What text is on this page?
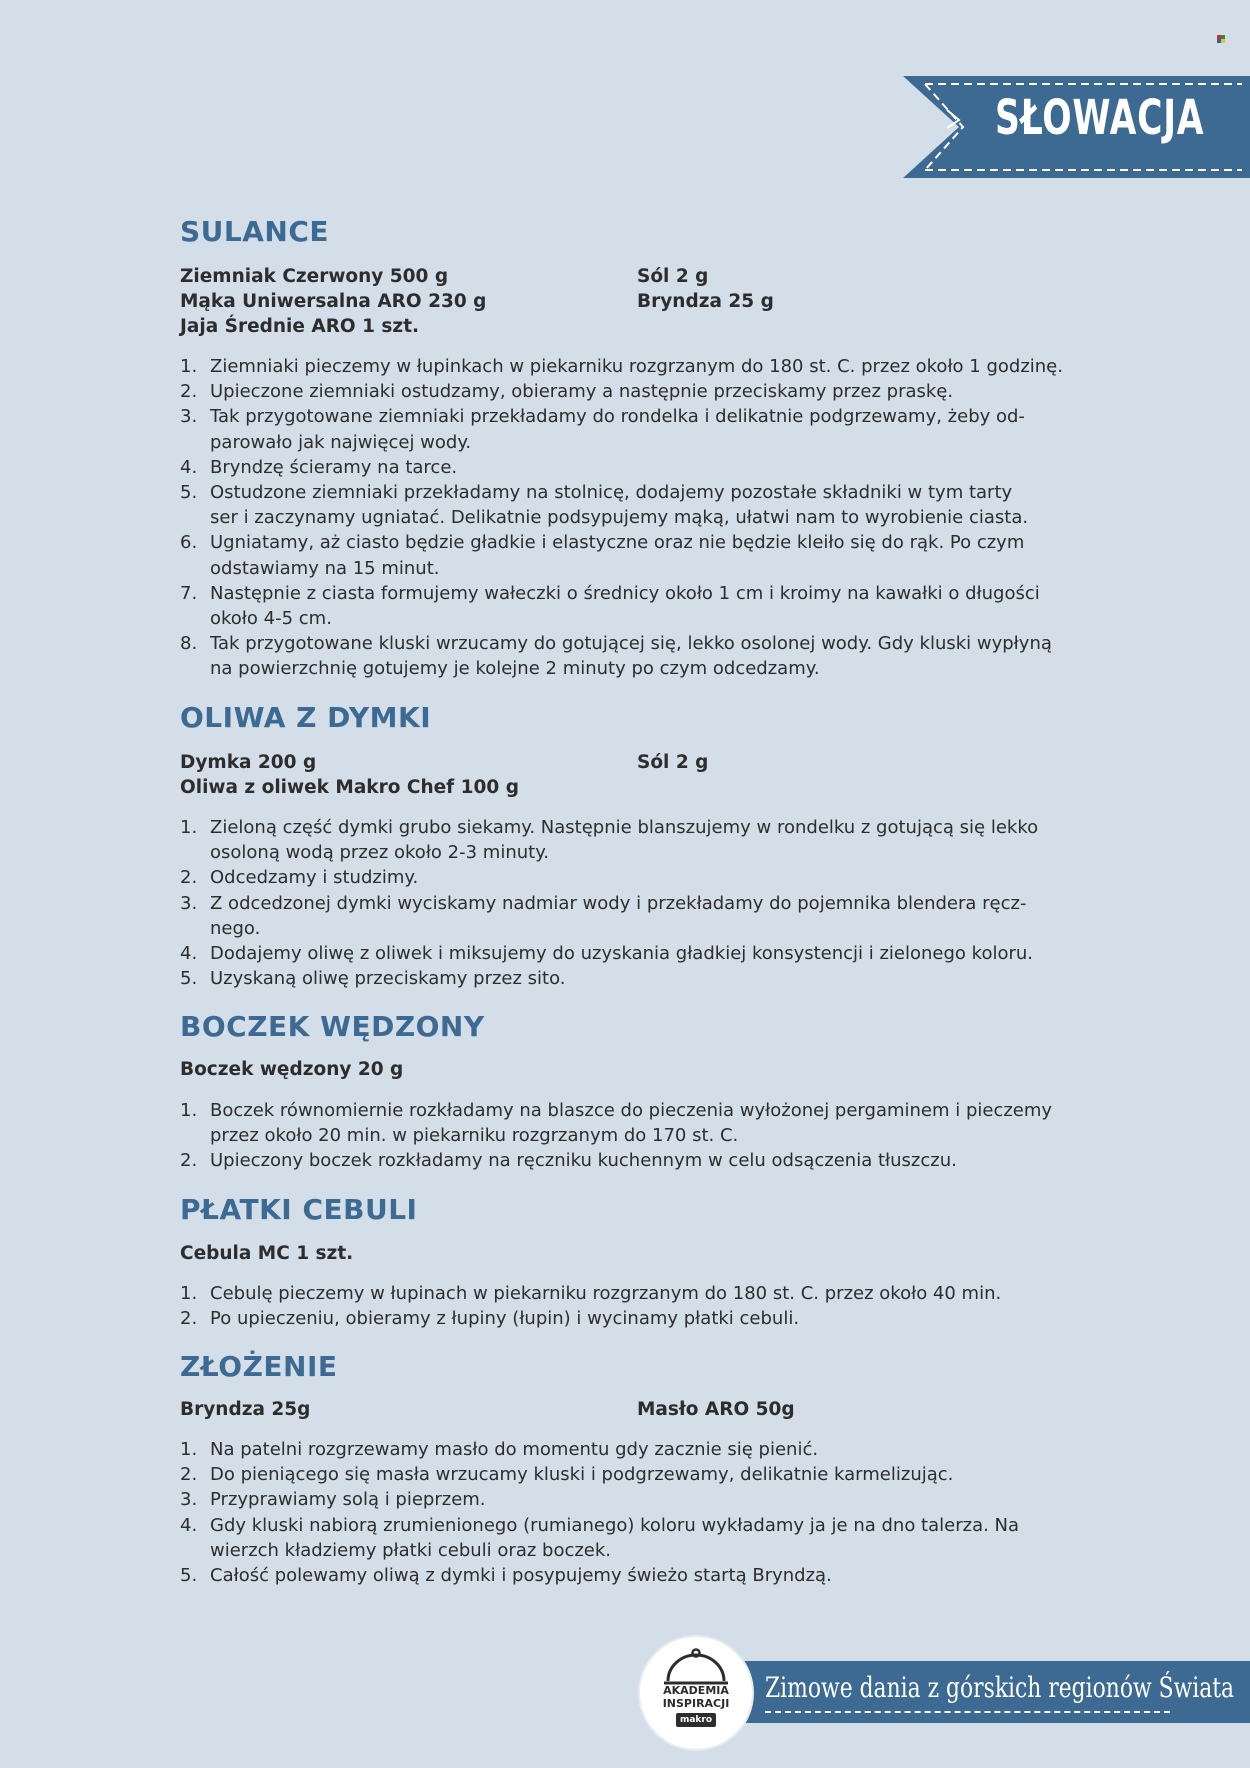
SŁOWACJA
SULANCE
Ziemniak Czerwony 500 g
Mąka Uniwersalna ARO 230 g
Jaja Średnie ARO 1 szt.
Sól 2 g
Bryndza 25 g
1. Ziemniaki pieczemy w łupinkach w piekarniku rozgrzanym do 180 st. C. przez około 1 godzinę.
2. Upieczone ziemniaki ostudzamy, obieramy a następnie przeciskamy przez praskę.
3. Tak przygotowane ziemniaki przekładamy do rondelka i delikatnie podgrzewamy, żeby od-
parowało jak najwięcej wody.
4. Bryndzę ścieramy na tarce.
5. Ostudzone ziemniaki przekładamy na stolnicę, dodajemy pozostałe składniki w tym tarty
ser i zaczynamy ugniatać. Delikatnie podsypujemy mąką, ułatwi nam to wyrobienie ciasta.
6. Ugniatamy, aż ciasto będzie gładkie i elastyczne oraz nie będzie kleiło się do rąk. Po czym
odstawiamy na 15 minut.
7. Następnie z ciasta formujemy wałeczki o średnicy około 1 cm i kroimy na kawałki o długości
około 4-5 cm.
8. Tak przygotowane kluski wrzucamy do gotującej się, lekko osolonej wody. Gdy kluski wypłyną
na powierzchnię gotujemy je kolejne 2 minuty po czym odcedzamy.
OLIWA Z DYMKI
Dymka 200 g
Oliwa z oliwek Makro Chef 100 g
Sól 2 g
1. Zieloną część dymki grubo siekamy. Następnie blanszujemy w rondelku z gotującą się lekko
osoloną wodą przez około 2-3 minuty.
2. Odcedzamy i studzimy.
3. Z odcedzonej dymki wyciskamy nadmiar wody i przekładamy do pojemnika blendera ręcz-
nego.
4. Dodajemy oliwę z oliwek i miksujemy do uzyskania gładkiej konsystencji i zielonego koloru.
5. Uzyskaną oliwę przeciskamy przez sito.
BOCZEK WĘDZONY
Boczek wędzony 20 g
1. Boczek równomiernie rozkładamy na blaszce do pieczenia wyłożonej pergaminem i pieczemy
przez około 20 min. w piekarniku rozgrzanym do 170 st. C.
2. Upieczony boczek rozkładamy na ręczniku kuchennym w celu odsączenia tłuszczu.
PŁATKI CEBULI
Cebula MC 1 szt.
1. Cebulę pieczemy w łupinach w piekarniku rozgrzanym do 180 st. C. przez około 40 min.
2. Po upieczeniu, obieramy z łupiny (łupin) i wycinamy płatki cebuli.
ZŁOŻENIE
Bryndza 25g	Masło ARO 50g
1. Na patelni rozgrzewamy masło do momentu gdy zacznie się pienić.
2. Do pieniącego się masła wrzucamy kluski i podgrzewamy, delikatnie karmelizując.
3. Przyprawiamy solą i pieprzem.
4. Gdy kluski nabiorą zrumienionego (rumianego) koloru wykładamy ja je na dno talerza. Na
wierzch kładziemy płatki cebuli oraz boczek.
5. Całość polewamy oliwą z dymki i posypujemy świeżo startą Bryndzą.
Zimowe dania z górskich regionów Świata
AKADEMIA
INSPIRACJI
makro
